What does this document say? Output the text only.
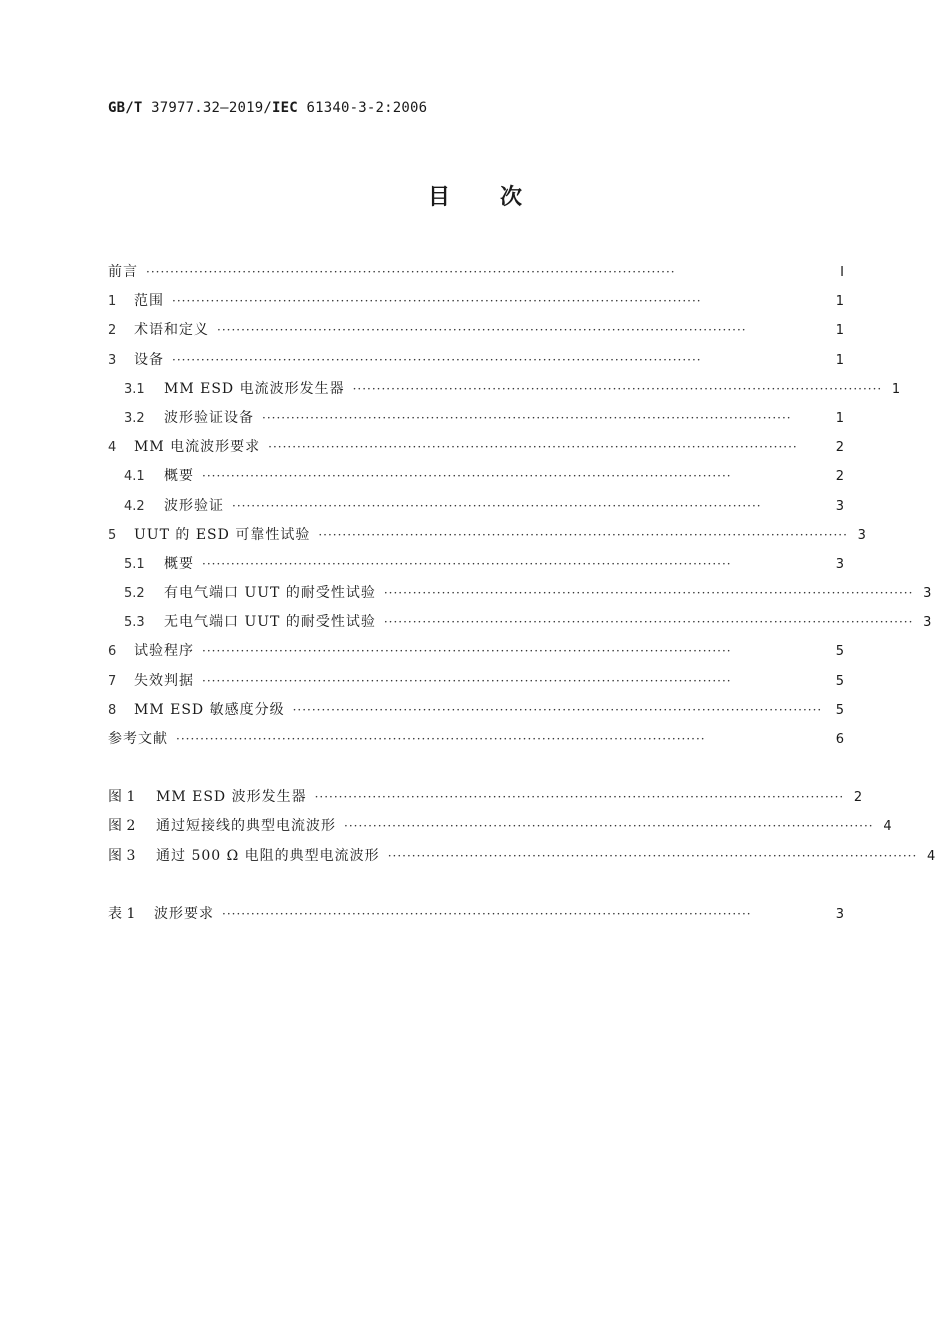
GB/T 37977.32—2019/IEC 61340-3-2:2006
目次
前言 ··············································································································	Ⅰ
1	范围 ··············································································································	1
2	术语和定义 ··············································································································	1
3	设备 ··············································································································	1
3.1	MM ESD 电流波形发生器 ·············································································································· 1
3.2	波形验证设备 ··············································································································	1
4	MM 电流波形要求 ··············································································································	2
4.1	概要 ··············································································································	2
4.2	波形验证 ··············································································································	3
5	UUT 的 ESD 可靠性试验 ·············································································································· 3
5.1	概要 ··············································································································	3
5.2	有电气端口 UUT 的耐受性试验 ·············································································································· 3
5.3	无电气端口 UUT 的耐受性试验 ·············································································································· 3
6	试验程序 ··············································································································	5
7	失效判据 ··············································································································	5
8	MM ESD 敏感度分级 ·············································································································· 5
参考文献 ··············································································································	6
图 1	MM ESD 波形发生器 ·············································································································· 2
图 2	通过短接线的典型电流波形 ·············································································································· 4
图 3	通过 500 Ω 电阻的典型电流波形 ·············································································································· 4
表 1	波形要求 ··············································································································	3
